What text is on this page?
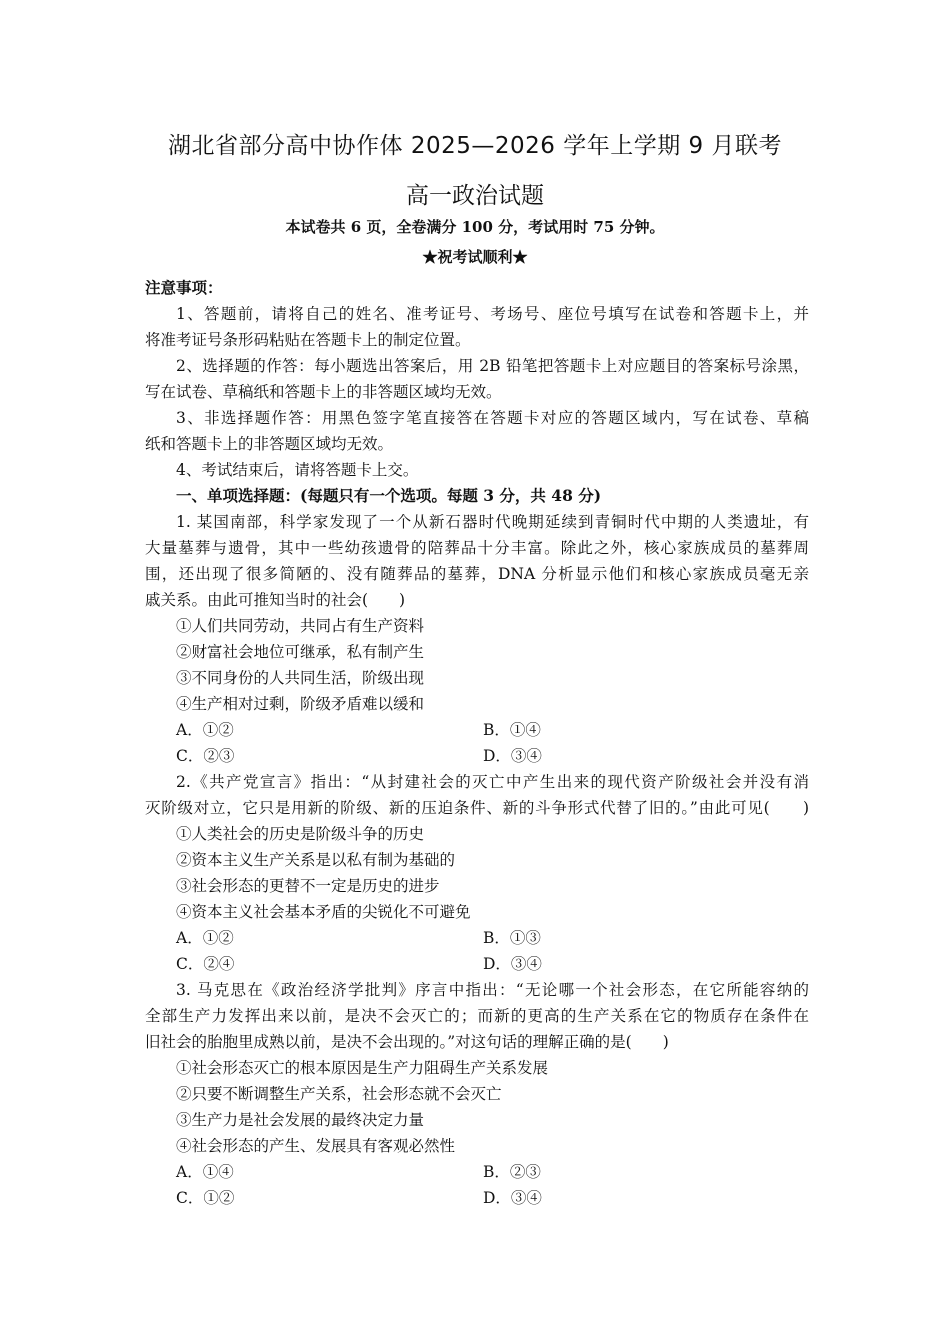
湖北省部分高中协作体 2025—2026 学年上学期 9 月联考
高一政治试题
本试卷共 6 页，全卷满分 100 分，考试用时 75 分钟。
★祝考试顺利★
注意事项：
1、答题前，请将自己的姓名、准考证号、考场号、座位号填写在试卷和答题卡上，并
将准考证号条形码粘贴在答题卡上的制定位置。
2、选择题的作答：每小题选出答案后，用 2B 铅笔把答题卡上对应题目的答案标号涂黑，
写在试卷、草稿纸和答题卡上的非答题区域均无效。
3、非选择题作答：用黑色签字笔直接答在答题卡对应的答题区域内，写在试卷、草稿
纸和答题卡上的非答题区域均无效。
4、考试结束后，请将答题卡上交。
一、单项选择题：(每题只有一个选项。每题 3 分，共 48 分)
1. 某国南部，科学家发现了一个从新石器时代晚期延续到青铜时代中期的人类遗址，有
大量墓葬与遗骨，其中一些幼孩遗骨的陪葬品十分丰富。除此之外，核心家族成员的墓葬周
围，还出现了很多简陋的、没有随葬品的墓葬，DNA 分析显示他们和核心家族成员毫无亲
戚关系。由此可推知当时的社会(　　)
①人们共同劳动，共同占有生产资料
②财富社会地位可继承，私有制产生
③不同身份的人共同生活，阶级出现
④生产相对过剩，阶级矛盾难以缓和
A．①②	B．①④
C．②③	D．③④
2.《共产党宣言》指出：“从封建社会的灭亡中产生出来的现代资产阶级社会并没有消
灭阶级对立，它只是用新的阶级、新的压迫条件、新的斗争形式代替了旧的。”由此可见(　　)
①人类社会的历史是阶级斗争的历史
②资本主义生产关系是以私有制为基础的
③社会形态的更替不一定是历史的进步
④资本主义社会基本矛盾的尖锐化不可避免
A．①②	B．①③
C．②④	D．③④
3. 马克思在《政治经济学批判》序言中指出：“无论哪一个社会形态，在它所能容纳的
全部生产力发挥出来以前，是决不会灭亡的；而新的更高的生产关系在它的物质存在条件在
旧社会的胎胞里成熟以前，是决不会出现的。”对这句话的理解正确的是(　　)
①社会形态灭亡的根本原因是生产力阻碍生产关系发展
②只要不断调整生产关系，社会形态就不会灭亡
③生产力是社会发展的最终决定力量
④社会形态的产生、发展具有客观必然性
A．①④	B．②③
C．①②	D．③④
